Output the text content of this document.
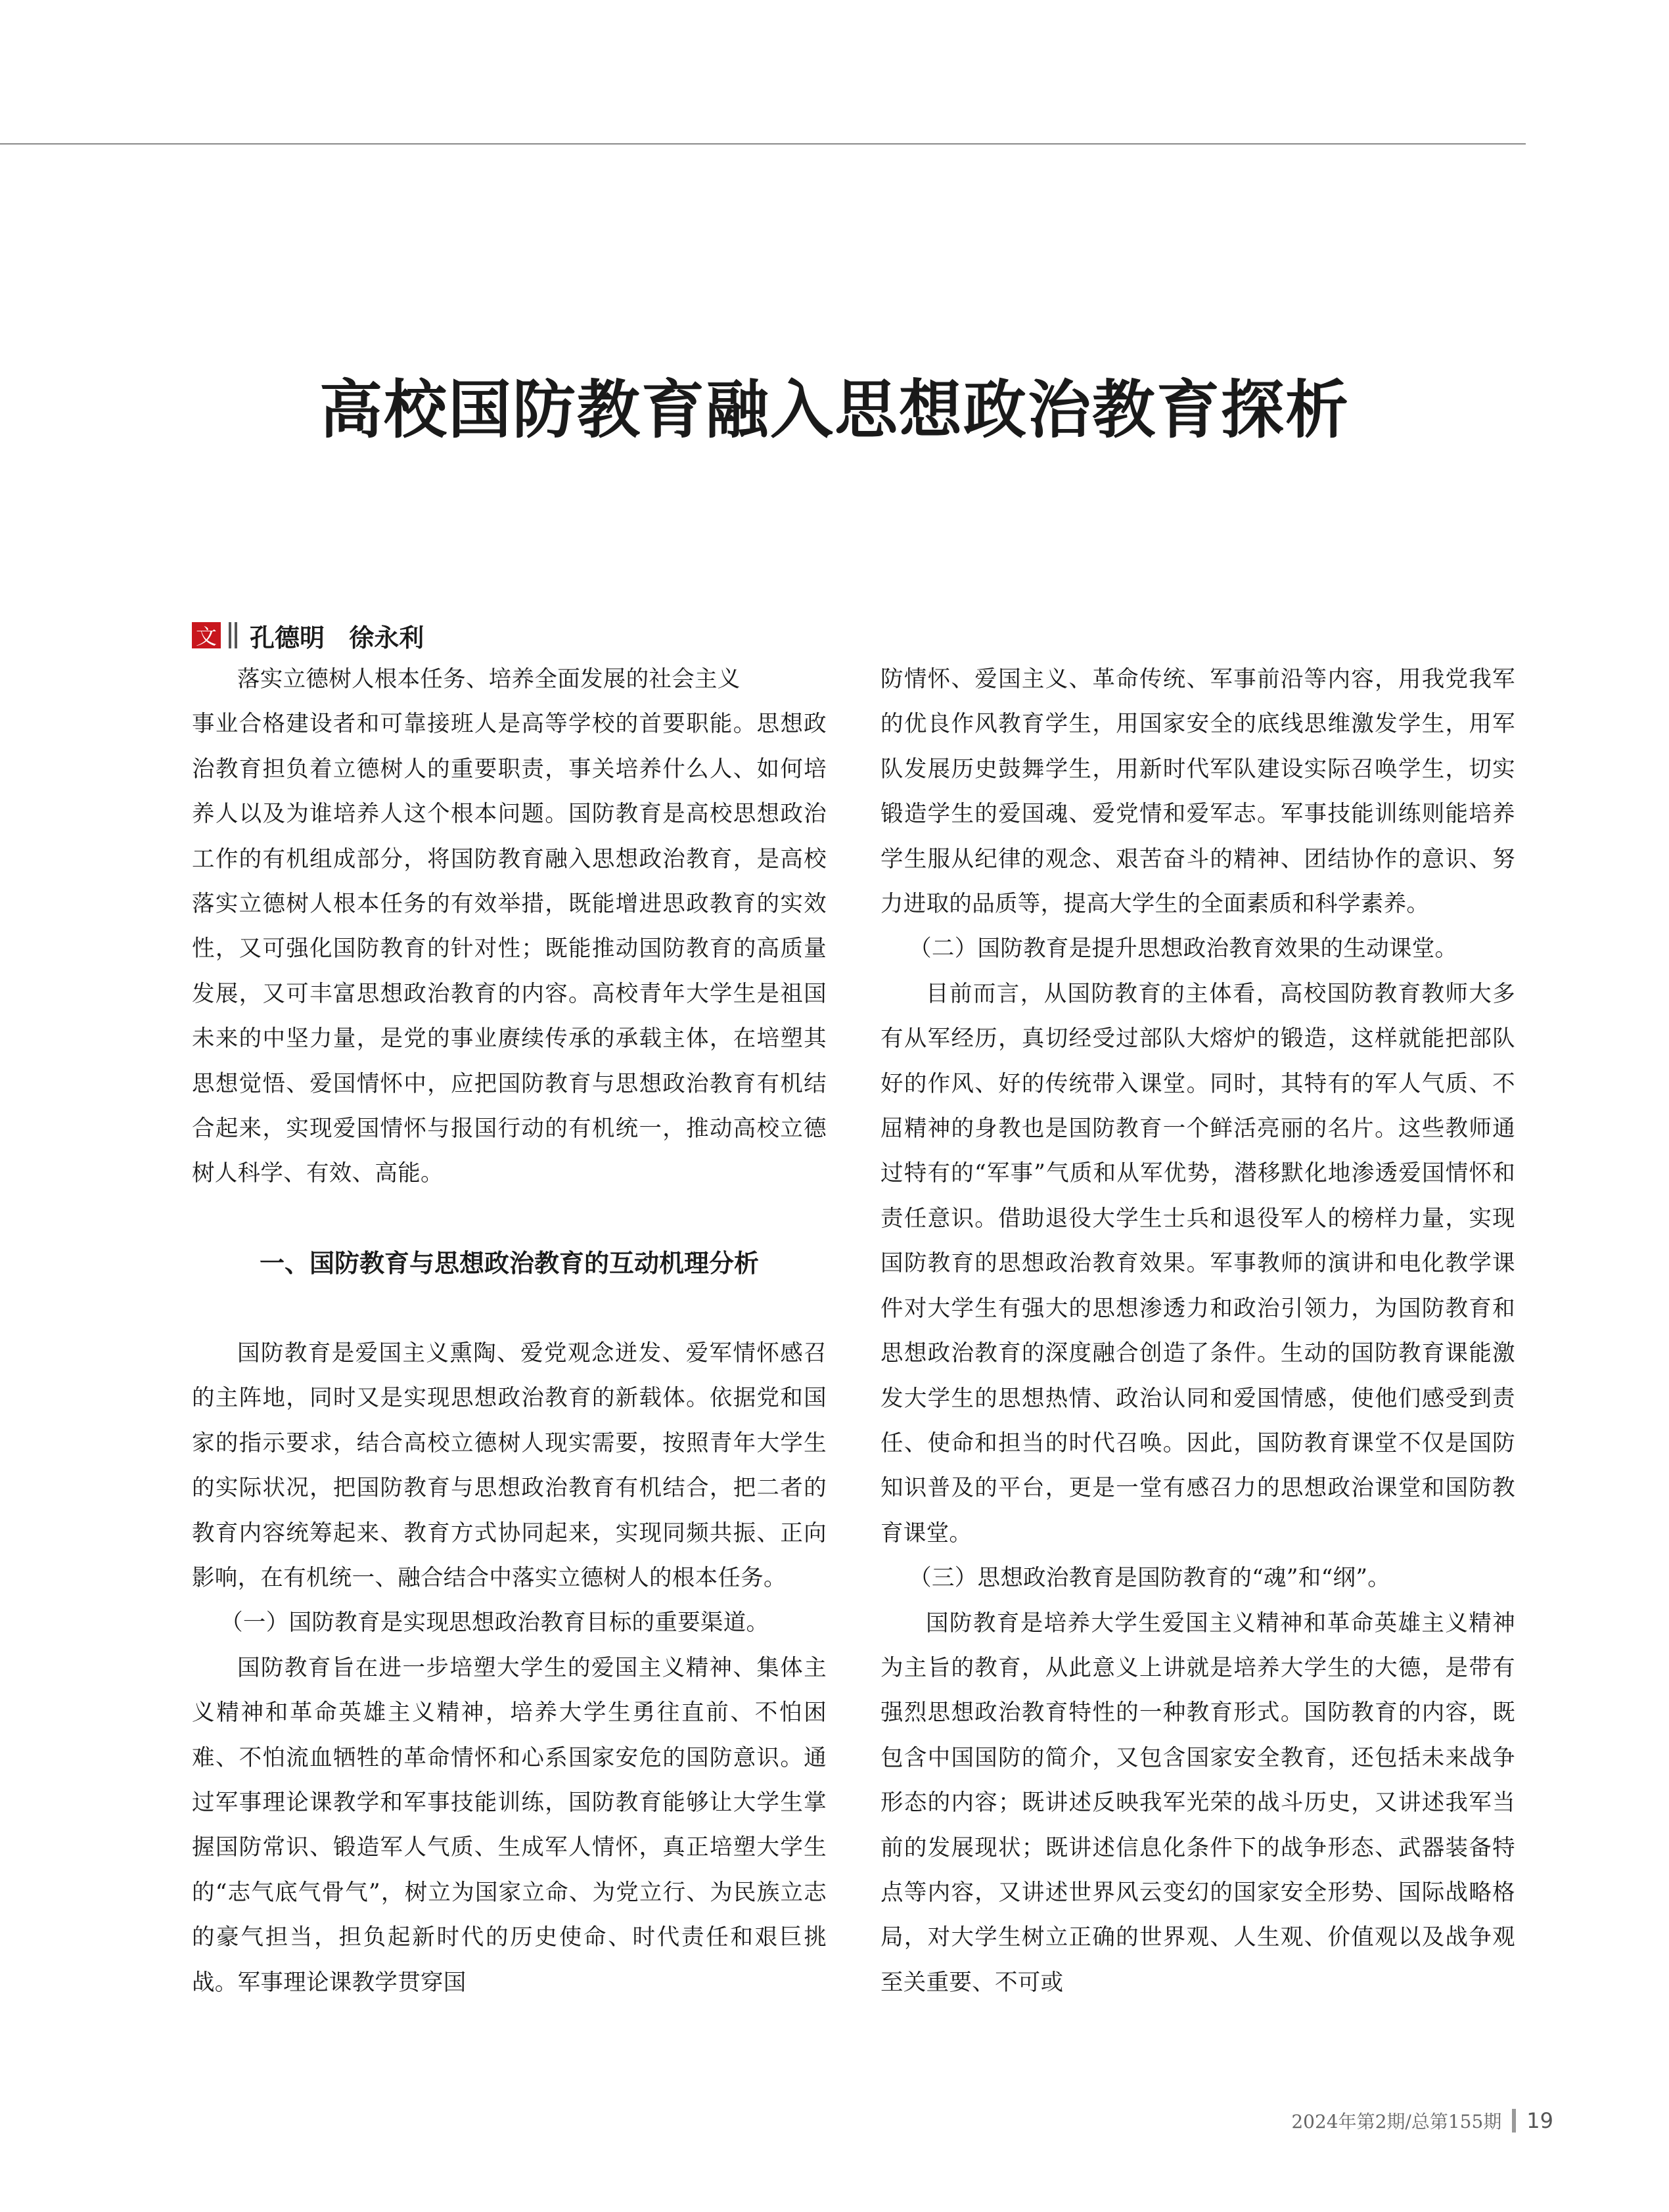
高校国防教育融入思想政治教育探析
文 孔德明 徐永利

落实立德树人根本任务、培养全面发展的社会主义

事业合格建设者和可靠接班人是高等学校的首要职能。思想政治教育担负着立德树人的重要职责，事关培养什么人、如何培养人以及为谁培养人这个根本问题。国防教育是高校思想政治工作的有机组成部分，将国防教育融入思想政治教育，是高校落实立德树人根本任务的有效举措，既能增进思政教育的实效性，又可强化国防教育的针对性；既能推动国防教育的高质量发展，又可丰富思想政治教育的内容。高校青年大学生是祖国未来的中坚力量，是党的事业赓续传承的承载主体，在培塑其思想觉悟、爱国情怀中，应把国防教育与思想政治教育有机结合起来，实现爱国情怀与报国行动的有机统一，推动高校立德树人科学、有效、高能。

一、国防教育与思想政治教育的互动机理分析

国防教育是爱国主义熏陶、爱党观念迸发、爱军情怀感召的主阵地，同时又是实现思想政治教育的新载体。依据党和国家的指示要求，结合高校立德树人现实需要，按照青年大学生的实际状况，把国防教育与思想政治教育有机结合，把二者的教育内容统筹起来、教育方式协同起来，实现同频共振、正向影响，在有机统一、融合结合中落实立德树人的根本任务。

（一）国防教育是实现思想政治教育目标的重要渠道。

国防教育旨在进一步培塑大学生的爱国主义精神、集体主义精神和革命英雄主义精神，培养大学生勇往直前、不怕困难、不怕流血牺牲的革命情怀和心系国家安危的国防意识。通过军事理论课教学和军事技能训练，国防教育能够让大学生掌握国防常识、锻造军人气质、生成军人情怀，真正培塑大学生的“志气底气骨气”，树立为国家立命、为党立行、为民族立志的豪气担当，担负起新时代的历史使命、时代责任和艰巨挑战。军事理论课教学贯穿国

防情怀、爱国主义、革命传统、军事前沿等内容，用我党我军的优良作风教育学生，用国家安全的底线思维激发学生，用军队发展历史鼓舞学生，用新时代军队建设实际召唤学生，切实锻造学生的爱国魂、爱党情和爱军志。军事技能训练则能培养学生服从纪律的观念、艰苦奋斗的精神、团结协作的意识、努力进取的品质等，提高大学生的全面素质和科学素养。

（二）国防教育是提升思想政治教育效果的生动课堂。

目前而言，从国防教育的主体看，高校国防教育教师大多有从军经历，真切经受过部队大熔炉的锻造，这样就能把部队好的作风、好的传统带入课堂。同时，其特有的军人气质、不屈精神的身教也是国防教育一个鲜活亮丽的名片。这些教师通过特有的“军事”气质和从军优势，潜移默化地渗透爱国情怀和责任意识。借助退役大学生士兵和退役军人的榜样力量，实现国防教育的思想政治教育效果。军事教师的演讲和电化教学课件对大学生有强大的思想渗透力和政治引领力，为国防教育和思想政治教育的深度融合创造了条件。生动的国防教育课能激发大学生的思想热情、政治认同和爱国情感，使他们感受到责任、使命和担当的时代召唤。因此，国防教育课堂不仅是国防知识普及的平台，更是一堂有感召力的思想政治课堂和国防教育课堂。

（三）思想政治教育是国防教育的“魂”和“纲”。

国防教育是培养大学生爱国主义精神和革命英雄主义精神为主旨的教育，从此意义上讲就是培养大学生的大德，是带有强烈思想政治教育特性的一种教育形式。国防教育的内容，既包含中国国防的简介，又包含国家安全教育，还包括未来战争形态的内容；既讲述反映我军光荣的战斗历史，又讲述我军当前的发展现状；既讲述信息化条件下的战争形态、武器装备特点等内容，又讲述世界风云变幻的国家安全形势、国际战略格局，对大学生树立正确的世界观、人生观、价值观以及战争观至关重要、不可或

2024年第2期/总第155期 19
